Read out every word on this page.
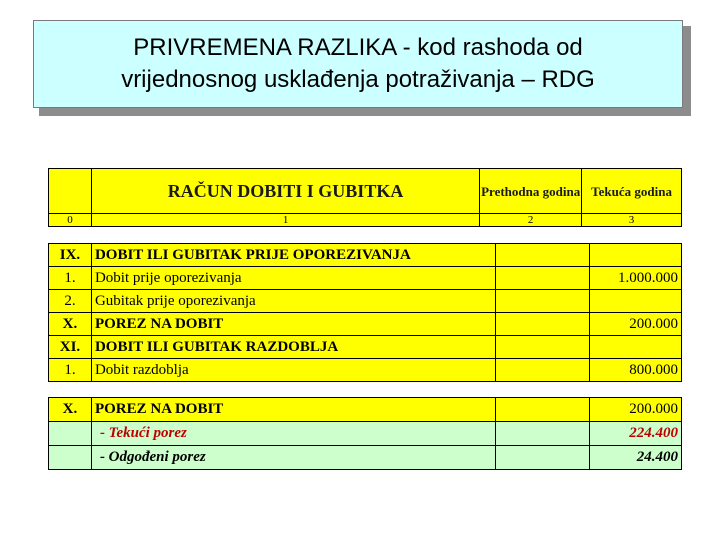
PRIVREMENA RAZLIKA - kod rashoda od
vrijednosnog usklađenja potraživanja – RDG
	RAČUN DOBITI I GUBITKA	Prethodna godina	Tekuća godina
0	1	2	3
IX.	DOBIT ILI GUBITAK PRIJE OPOREZIVANJA		
1.	Dobit prije oporezivanja		1.000.000
2.	Gubitak prije oporezivanja		
X.	POREZ NA DOBIT		200.000
XI.	DOBIT ILI GUBITAK RAZDOBLJA		
1.	Dobit razdoblja		800.000
X.	POREZ NA DOBIT		200.000
	- Tekući porez		224.400
	- Odgođeni porez		24.400
